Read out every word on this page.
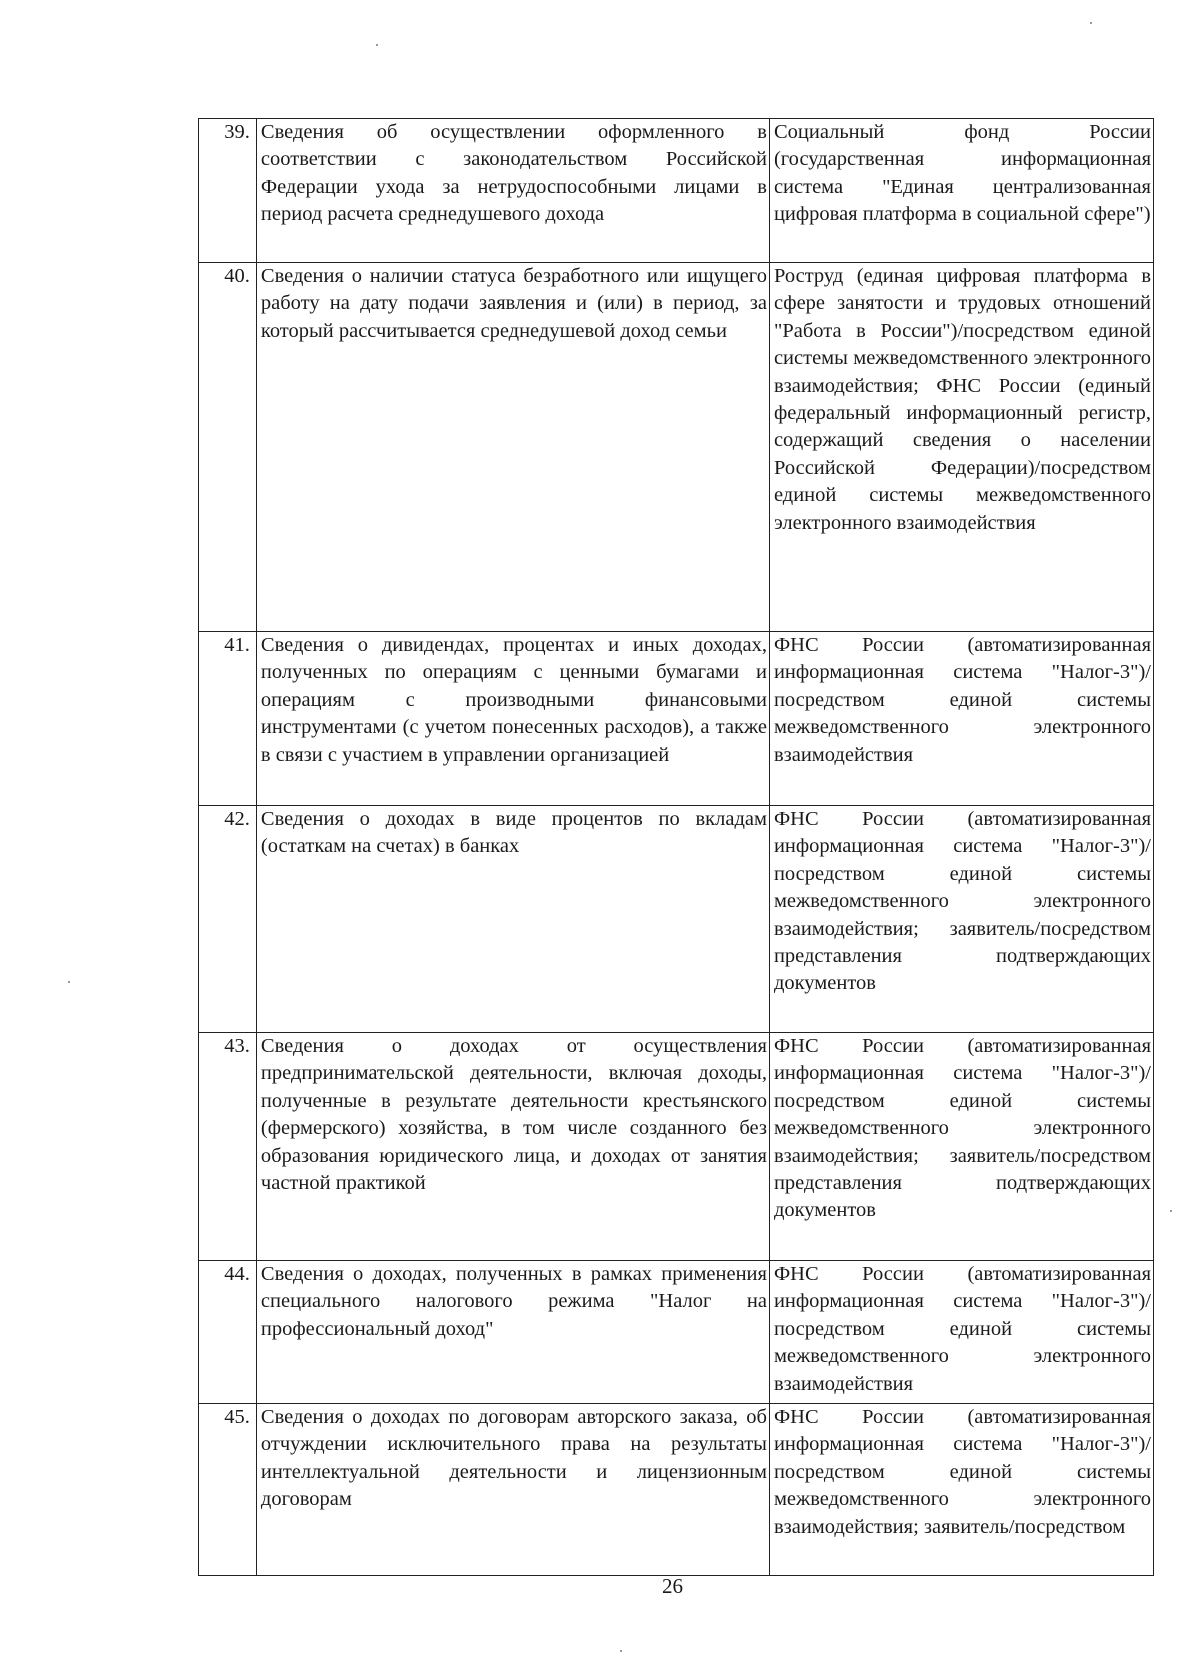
39.	Сведения об осуществлении оформленного в соответствии с законодательством Российской Федерации ухода за нетрудоспособными лицами в период расчета среднедушевого дохода	Социальный фонд России (государственная информационная система "Единая централизованная цифровая платформа в социальной сфере")
40.	Сведения о наличии статуса безработного или ищущего работу на дату подачи заявления и (или) в период, за который рассчитывается среднедушевой доход семьи	Роструд (единая цифровая платформа в сфере занятости и трудовых отношений "Работа в России")/посредством единой системы межведомственного электронного взаимодействия; ФНС России (единый федеральный информационный регистр, содержащий сведения о населении Российской Федерации)/посредством единой системы межведомственного электронного взаимодействия
41.	Сведения о дивидендах, процентах и иных доходах, полученных по операциям с ценными бумагами и операциям с производными финансовыми инструментами (с учетом понесенных расходов), а также в связи с участием в управлении организацией	ФНС России (автоматизированная информационная система "Налог-3")/посредством единой системы межведомственного электронного взаимодействия
42.	Сведения о доходах в виде процентов по вкладам (остаткам на счетах) в банках	ФНС России (автоматизированная информационная система "Налог-3")/посредством единой системы межведомственного электронного взаимодействия; заявитель/посредством представления подтверждающих документов
43.	Сведения о доходах от осуществления предпринимательской деятельности, включая доходы, полученные в результате деятельности крестьянского (фермерского) хозяйства, в том числе созданного без образования юридического лица, и доходах от занятия частной практикой	ФНС России (автоматизированная информационная система "Налог-3")/посредством единой системы межведомственного электронного взаимодействия; заявитель/посредством представления подтверждающих документов
44.	Сведения о доходах, полученных в рамках применения специального налогового режима "Налог на профессиональный доход"	ФНС России (автоматизированная информационная система "Налог-3")/посредством единой системы межведомственного электронного взаимодействия
45.	Сведения о доходах по договорам авторского заказа, об отчуждении исключительного права на результаты интеллектуальной деятельности и лицензионным договорам	ФНС России (автоматизированная информационная система "Налог-3")/посредством единой системы межведомственного электронного взаимодействия; заявитель/посредством
26
